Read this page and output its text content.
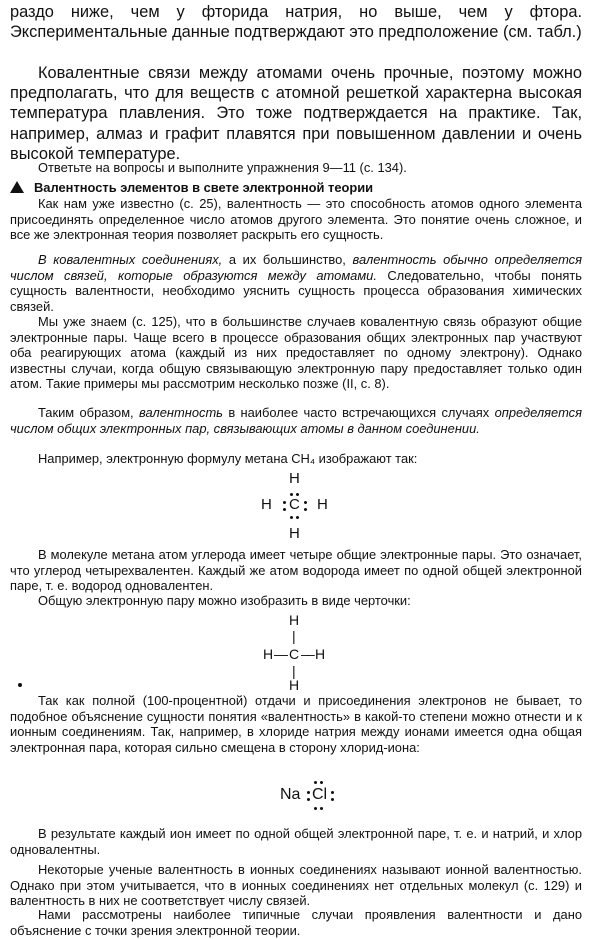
раздо ниже, чем у фторида натрия, но выше, чем у фтора. Экспериментальные данные подтверждают это предположение (см. табл.)
Ковалентные связи между атомами очень прочные, поэтому можно предполагать, что для веществ с атомной решеткой характерна высокая температура плавления. Это тоже подтверждается на практике. Так, например, алмаз и графит плавятся при повышенном давлении и очень высокой температуре.
Ответьте на вопросы и выполните упражнения 9—11 (с. 134).
Валентность элементов в свете электронной теории
Как нам уже известно (с. 25), валентность — это способность атомов одного элемента присоединять определенное число атомов другого элемента. Это понятие очень сложное, и все же электронная теория позволяет раскрыть его сущность.
В ковалентных соединениях, а их большинство, валентность обычно определяется числом связей, которые образуются между атомами. Следовательно, чтобы понять сущность валентности, необходимо уяснить сущность процесса образования химических связей.
Мы уже знаем (с. 125), что в большинстве случаев ковалентную связь образуют общие электронные пары. Чаще всего в процессе образования общих электронных пар участвуют оба реагирующих атома (каждый из них предоставляет по одному электрону). Однако известны случаи, когда общую связывающую электронную пару предоставляет только один атом. Такие примеры мы рассмотрим несколько позже (II, с. 8).
Таким образом, валентность в наиболее часто встречающихся случаях определяется числом общих электронных пар, связывающих атомы в данном соединении.
Например, электронную формулу метана CH₄ изображают так:
H
H C H
H
В молекуле метана атом углерода имеет четыре общие электронные пары. Это означает, что углерод четырехвалентен. Каждый же атом водорода имеет по одной общей электронной паре, т. е. водород одновалентен.
Общую электронную пару можно изобразить в виде черточки:
H
|
H — C –
– H
|
H
Так как полной (100-процентной) отдачи и присоединения электронов не бывает, то подобное объяснение сущности понятия «валентность» в какой-то степени можно отнести и к ионным соединениям. Так, например, в хлориде натрия между ионами имеется одна общая электронная пара, которая сильно смещена в сторону хлорид-иона:
Na Cl
В результате каждый ион имеет по одной общей электронной паре, т. е. и натрий, и хлор одновалентны.
Некоторые ученые валентность в ионных соединениях называют ионной валентностью. Однако при этом учитывается, что в ионных соединениях нет отдельных молекул (с. 129) и валентность в них не соответствует числу связей.
Нами рассмотрены наиболее типичные случаи проявления валентности и дано объяснение с точки зрения электронной теории.
